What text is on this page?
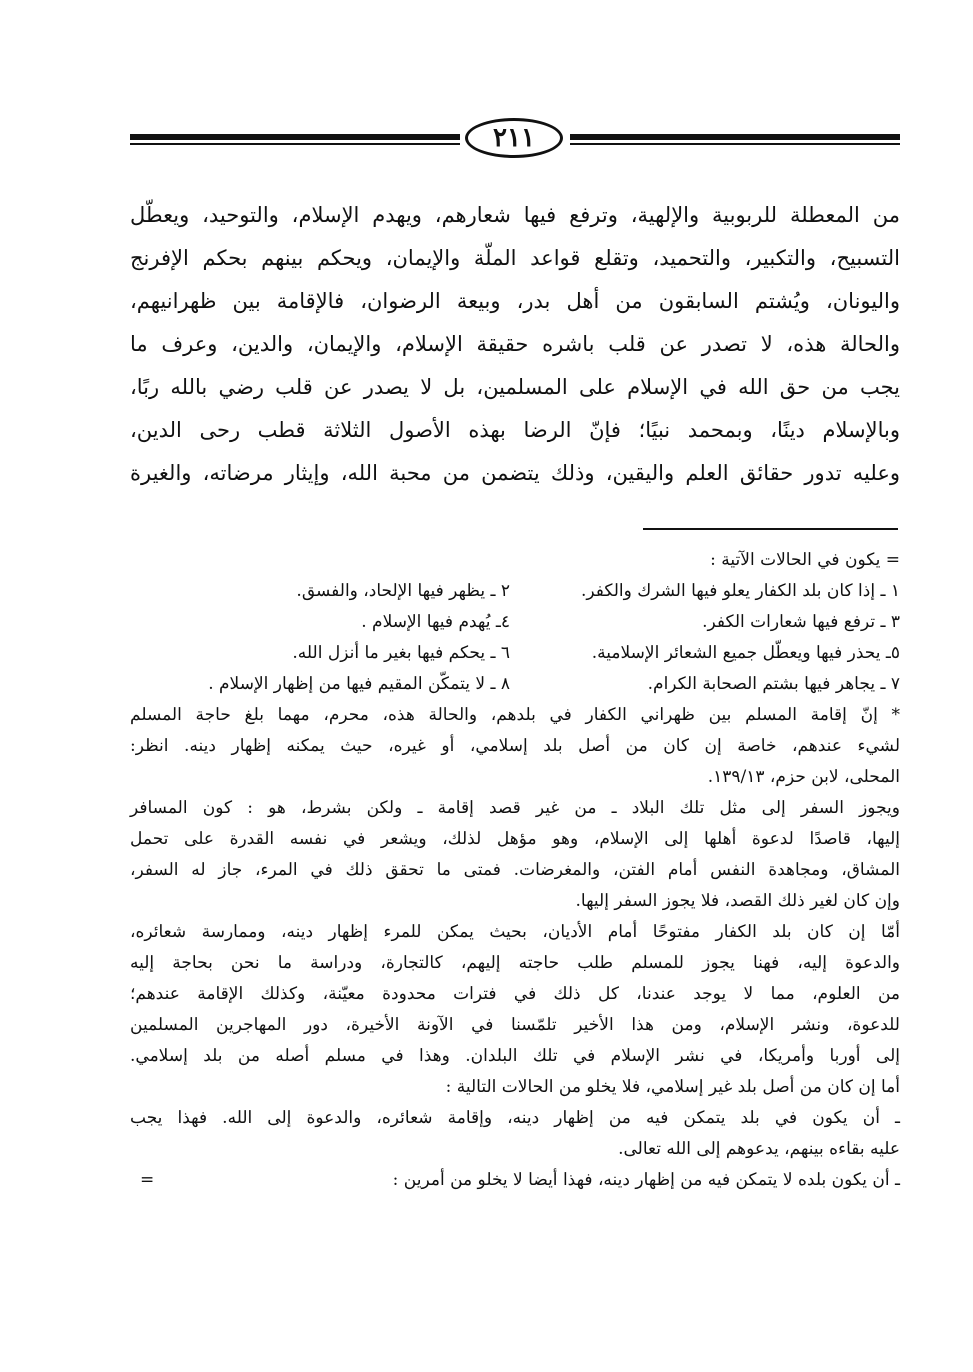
٢١١

من المعطلة للربوبية والإلهية، وترفع فيها شعارهم، ويهدم الإسلام، والتوحيد، ويعطّل

التسبيح، والتكبير، والتحميد، وتقلع قواعد الملّة والإيمان، ويحكم بينهم بحكم الإفرنج

واليونان، ويُشتم السابقون من أهل بدر، وبيعة الرضوان، فالإقامة بين ظهرانيهم،

والحالة هذه، لا تصدر عن قلب باشره حقيقة الإسلام، والإيمان، والدين، وعرف ما

يجب من حق الله في الإسلام على المسلمين، بل لا يصدر عن قلب رضي بالله ربًا،

وبالإسلام دينًا، وبمحمد نبيًا؛ فإنّ الرضا بهذه الأصول الثلاثة قطب رحى الدين،

وعليه تدور حقائق العلم واليقين، وذلك يتضمن من محبة الله، وإيثار مرضاته، والغيرة

= يكون في الحالات الآتية :
١ ـ إذا كان بلد الكفار يعلو فيها الشرك والكفر.
٢ ـ يظهر فيها الإلحاد، والفسق.
٣ ـ ترفع فيها شعارات الكفر.
٤ـ يُهدم فيها الإسلام .
٥ـ يحذر فيها ويعطّل جميع الشعائر الإسلامية.
٦ ـ يحكم فيها بغير ما أنزل الله.
٧ ـ يجاهر فيها بشتم الصحابة الكرام.
٨ ـ لا يتمكّن المقيم فيها من إظهار الإسلام .
* إنّ إقامة المسلم بين ظهراني الكفار في بلدهم، والحالة هذه، محرم، مهما بلغ حاجة المسلم
لشيء عندهم، خاصة إن كان من أصل بلد إسلامي، أو غيره، حيث يمكنه إظهار دينه. انظر:
المحلى، لابن حزم، ١٣٩/١٣.
ويجوز السفر إلى مثل تلك البلاد ـ من غير قصد إقامة ـ ولكن بشرط، هو : كون المسافر
إليها، قاصدًا لدعوة أهلها إلى الإسلام، وهو مؤهل لذلك، ويشعر في نفسه القدرة على تحمل
المشاق، ومجاهدة النفس أمام الفتن، والمغرضات. فمتى ما تحقق ذلك في المرء، جاز له السفر،
وإن كان لغير ذلك القصد، فلا يجوز السفر إليها.
أمّا إن كان بلد الكفار مفتوحًا أمام الأديان، بحيث يمكن للمرء إظهار دينه، وممارسة شعائره،
والدعوة إليه، فهنا يجوز للمسلم طلب حاجته إليهم، كالتجارة، ودراسة ما نحن بحاجة إليه
من العلوم، مما لا يوجد عندنا، كل ذلك في فترات محدودة معيّنة، وكذلك الإقامة عندهم؛
للدعوة، ونشر الإسلام، ومن هذا الأخير تلمّسنا في الآونة الأخيرة، دور المهاجرين المسلمين
إلى أوربا وأمريكا، في نشر الإسلام في تلك البلدان. وهذا في مسلم أصله من بلد إسلامي.
أما إن كان من أصل بلد غير إسلامي، فلا يخلو من الحالات التالية :
ـ أن يكون في بلد يتمكن فيه من إظهار دينه، وإقامة شعائره، والدعوة إلى الله. فهذا يجب
عليه بقاءه بينهم، يدعوهم إلى الله تعالى.
ـ أن يكون بلده لا يتمكن فيه من إظهار دينه، فهذا أيضا لا يخلو من أمرين :
=
